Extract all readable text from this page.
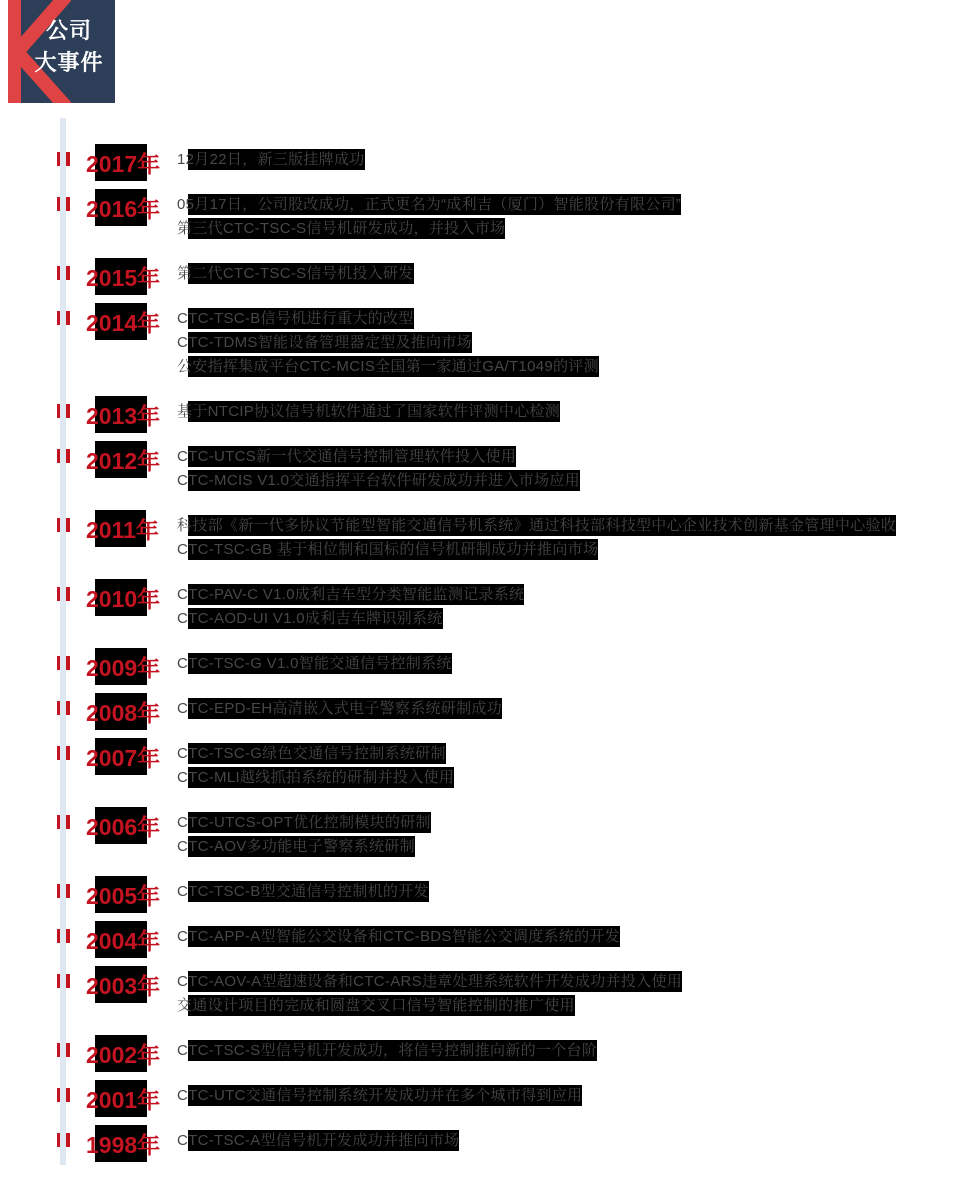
公司
大事件
2017年 12月22日，新三版挂牌成功
2016年 05月17日，公司股改成功，正式更名为“成利吉（厦门）智能股份有限公司”
第三代CTC-TSC-S信号机研发成功，并投入市场
2015年 第二代CTC-TSC-S信号机投入研发
2014年 CTC-TSC-B信号机进行重大的改型
CTC-TDMS智能设备管理器定型及推向市场
公安指挥集成平台CTC-MCIS全国第一家通过GA/T1049的评测
2013年 基于NTCIP协议信号机软件通过了国家软件评测中心检测
2012年 CTC-UTCS新一代交通信号控制管理软件投入使用
CTC-MCIS V1.0交通指挥平台软件研发成功并进入市场应用
2011年 科技部《新一代多协议节能型智能交通信号机系统》通过科技部科技型中心企业技术创新基金管理中心验收
CTC-TSC-GB 基于相位制和国标的信号机研制成功并推向市场
2010年 CTC-PAV-C V1.0成利吉车型分类智能监测记录系统
CTC-AOD-UI V1.0成利吉车牌识别系统
2009年 CTC-TSC-G V1.0智能交通信号控制系统
2008年 CTC-EPD-EH高清嵌入式电子警察系统研制成功
2007年 CTC-TSC-G绿色交通信号控制系统研制
CTC-MLI越线抓拍系统的研制并投入使用
2006年 CTC-UTCS-OPT优化控制模块的研制
CTC-AOV多功能电子警察系统研制
2005年 CTC-TSC-B型交通信号控制机的开发
2004年 CTC-APP-A型智能公交设备和CTC-BDS智能公交调度系统的开发
2003年 CTC-AOV-A型超速设备和CTC-ARS违章处理系统软件开发成功并投入使用
交通设计项目的完成和圆盘交叉口信号智能控制的推广使用
2002年 CTC-TSC-S型信号机开发成功，将信号控制推向新的一个台阶
2001年 CTC-UTC交通信号控制系统开发成功并在多个城市得到应用
1998年 CTC-TSC-A型信号机开发成功并推向市场
